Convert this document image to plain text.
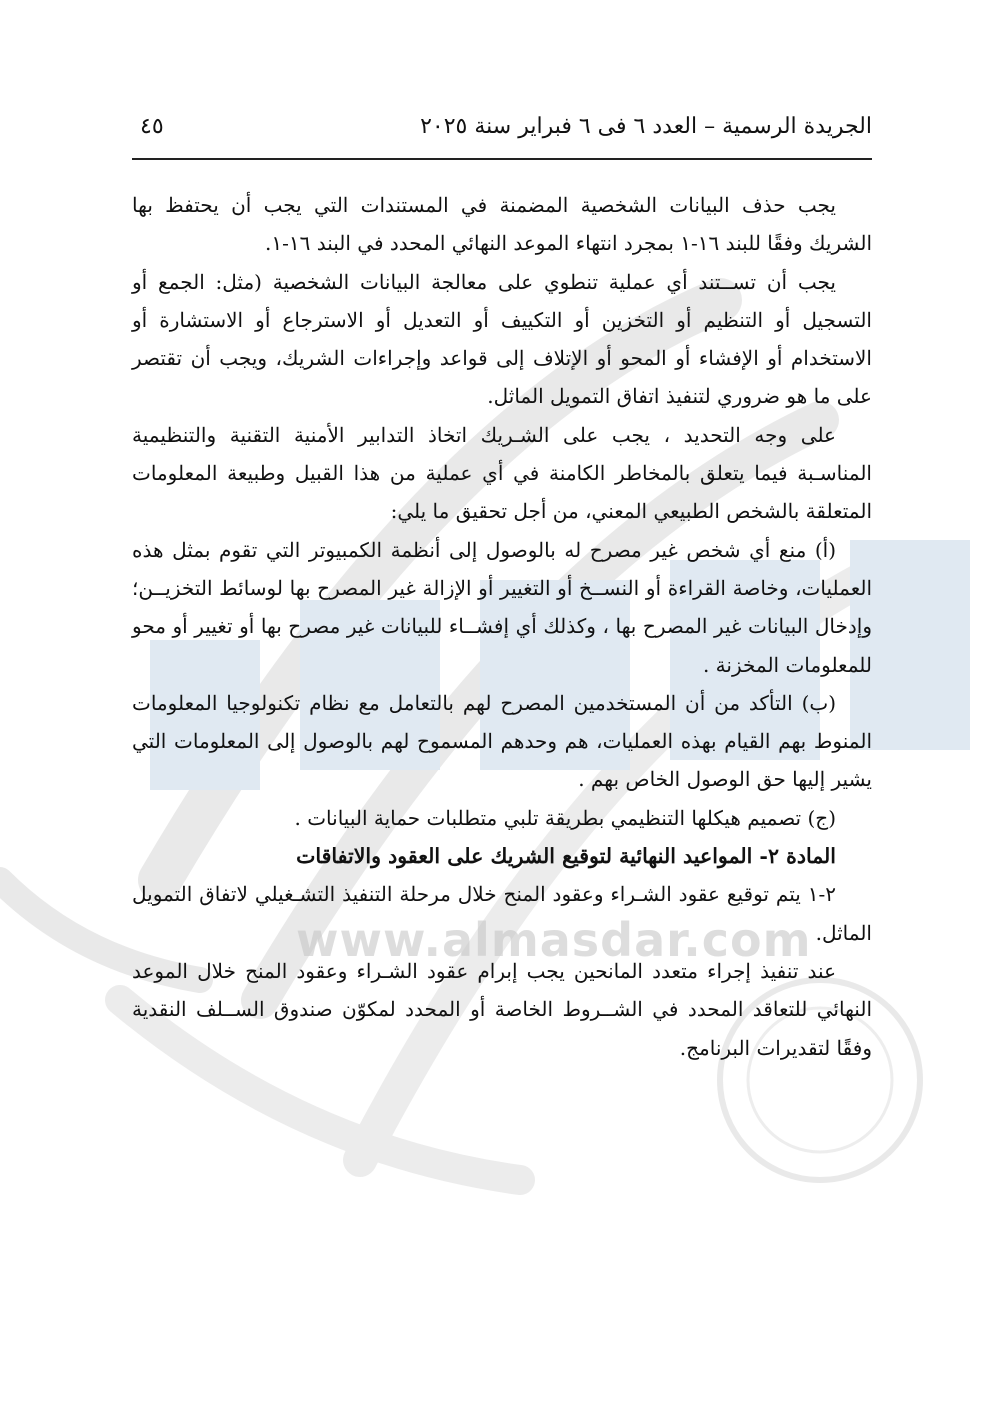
www.almasdar.com
الجريدة الرسمية – العدد ٦ فى ٦ فبراير سنة ٢٠٢٥
٤٥

يجب حذف البيانات الشخصية المضمنة في المستندات التي يجب أن يحتفظ بها الشريك وفقًا للبند ١٦-١ بمجرد انتهاء الموعد النهائي المحدد في البند ١٦-١.

يجب أن تســتند أي عملية تنطوي على معالجة البيانات الشخصية (مثل: الجمع أو التسجيل أو التنظيم أو التخزين أو التكييف أو التعديل أو الاسترجاع أو الاستشارة أو الاستخدام أو الإفشاء أو المحو أو الإتلاف إلى قواعد وإجراءات الشريك، ويجب أن تقتصر على ما هو ضروري لتنفيذ اتفاق التمويل الماثل.

على وجه التحديد ، يجب على الشـريك اتخاذ التدابير الأمنية التقنية والتنظيمية المناسـبة فيما يتعلق بالمخاطر الكامنة في أي عملية من هذا القبيل وطبيعة المعلومات المتعلقة بالشخص الطبيعي المعني، من أجل تحقيق ما يلي:

(أ) منع أي شخص غير مصرح له بالوصول إلى أنظمة الكمبيوتر التي تقوم بمثل هذه العمليات، وخاصة القراءة أو النســخ أو التغيير أو الإزالة غير المصرح بها لوسائط التخزيــن؛ وإدخال البيانات غير المصرح بها ، وكذلك أي إفشــاء للبيانات غير مصرح بها أو تغيير أو محو للمعلومات المخزنة .

(ب) التأكد من أن المستخدمين المصرح لهم بالتعامل مع نظام تكنولوجيا المعلومات المنوط بهم القيام بهذه العمليات، هم وحدهم المسموح لهم بالوصول إلى المعلومات التي يشير إليها حق الوصول الخاص بهم .

(ج) تصميم هيكلها التنظيمي بطريقة تلبي متطلبات حماية البيانات .

المادة ٢- المواعيد النهائية لتوقيع الشريك على العقود والاتفاقات

٢-١ يتم توقيع عقود الشـراء وعقود المنح خلال مرحلة التنفيذ التشـغيلي لاتفاق التمويل الماثل.

عند تنفيذ إجراء متعدد المانحين يجب إبرام عقود الشـراء وعقود المنح خلال الموعد النهائي للتعاقد المحدد في الشــروط الخاصة أو المحدد لمكوّن صندوق الســلف النقدية وفقًا لتقديرات البرنامج.
